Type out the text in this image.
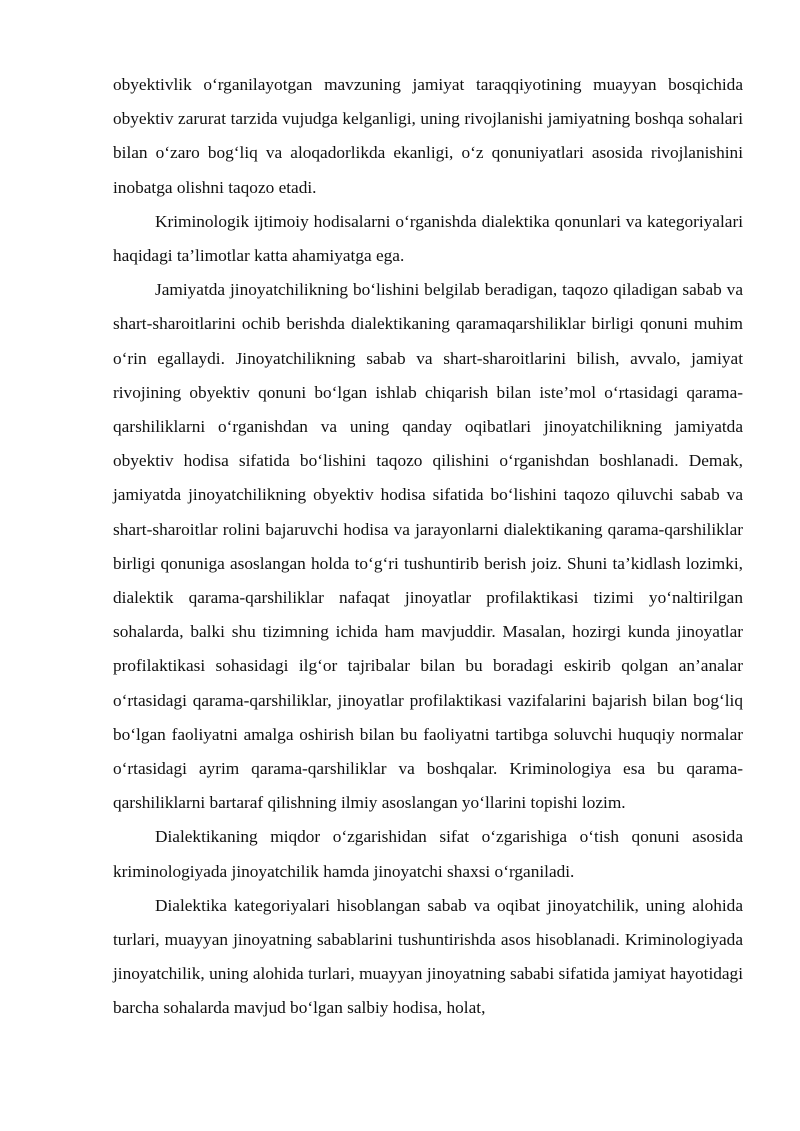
obyektivlik o‘rganilayotgan mavzuning jamiyat taraqqiyotining muayyan bosqichida obyektiv zarurat tarzida vujudga kelganligi, uning rivojlanishi jamiyatning boshqa sohalari bilan o‘zaro bog‘liq va aloqadorlikda ekanligi, o‘z qonuniyatlari asosida rivojlanishini inobatga olishni taqozo etadi.

Kriminologik ijtimoiy hodisalarni o‘rganishda dialektika qonunlari va kategoriyalari haqidagi ta’limotlar katta ahamiyatga ega.

Jamiyatda jinoyatchilikning bo‘lishini belgilab beradigan, taqozo qiladigan sabab va shart-sharoitlarini ochib berishda dialektikaning qaramaqarshiliklar birligi qonuni muhim o‘rin egallaydi. Jinoyatchilikning sabab va shart-sharoitlarini bilish, avvalo, jamiyat rivojining obyektiv qonuni bo‘lgan ishlab chiqarish bilan iste’mol o‘rtasidagi qarama-qarshiliklarni o‘rganishdan va uning qanday oqibatlari jinoyatchilikning jamiyatda obyektiv hodisa sifatida bo‘lishini taqozo qilishini o‘rganishdan boshlanadi. Demak, jamiyatda jinoyatchilikning obyektiv hodisa sifatida bo‘lishini taqozo qiluvchi sabab va shart-sharoitlar rolini bajaruvchi hodisa va jarayonlarni dialektikaning qarama-qarshiliklar birligi qonuniga asoslangan holda to‘g‘ri tushuntirib berish joiz. Shuni ta’kidlash lozimki, dialektik qarama-qarshiliklar nafaqat jinoyatlar profilaktikasi tizimi yo‘naltirilgan sohalarda, balki shu tizimning ichida ham mavjuddir. Masalan, hozirgi kunda jinoyatlar profilaktikasi sohasidagi ilg‘or tajribalar bilan bu boradagi eskirib qolgan an’analar o‘rtasidagi qarama-qarshiliklar, jinoyatlar profilaktikasi vazifalarini bajarish bilan bog‘liq bo‘lgan faoliyatni amalga oshirish bilan bu faoliyatni tartibga soluvchi huquqiy normalar o‘rtasidagi ayrim qarama-qarshiliklar va boshqalar. Kriminologiya esa bu qarama-qarshiliklarni bartaraf qilishning ilmiy asoslangan yo‘llarini topishi lozim.

Dialektikaning miqdor o‘zgarishidan sifat o‘zgarishiga o‘tish qonuni asosida kriminologiyada jinoyatchilik hamda jinoyatchi shaxsi o‘rganiladi.

Dialektika kategoriyalari hisoblangan sabab va oqibat jinoyatchilik, uning alohida turlari, muayyan jinoyatning sabablarini tushuntirishda asos hisoblanadi. Kriminologiyada jinoyatchilik, uning alohida turlari, muayyan jinoyatning sababi sifatida jamiyat hayotidagi barcha sohalarda mavjud bo‘lgan salbiy hodisa, holat,
